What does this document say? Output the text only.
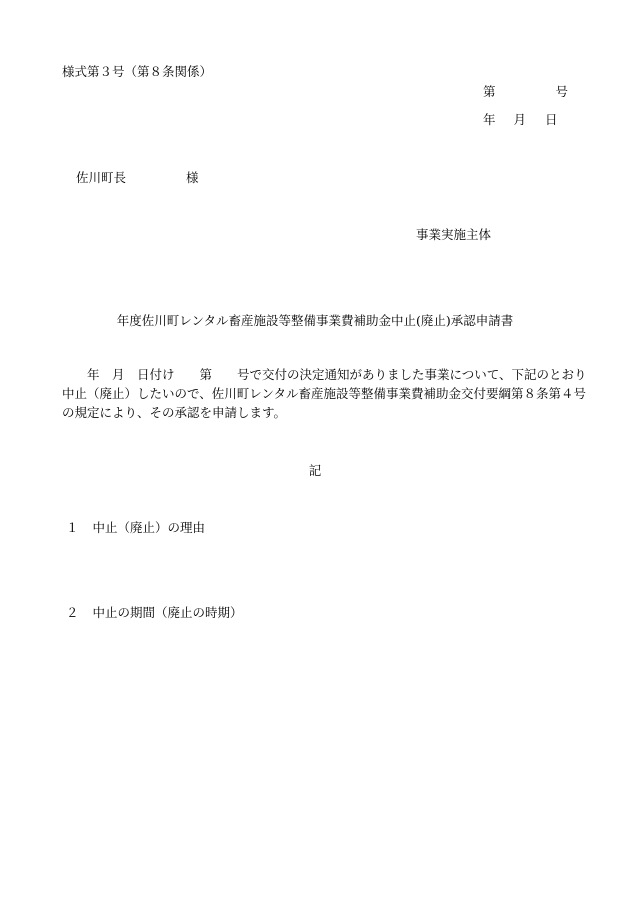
様式第３号（第８条関係）
第	号
年 月 日
佐川町長	様
事業実施主体
年度佐川町レンタル畜産施設等整備事業費補助金中止(廃止)承認申請書
　　年　月　日付け　　第　　号で交付の決定通知がありました事業について、下記のとおり
中止（廃止）したいので、佐川町レンタル畜産施設等整備事業費補助金交付要綱第８条第４号
の規定により、その承認を申請します。
記
１ 中止（廃止）の理由
２ 中止の期間（廃止の時期）
